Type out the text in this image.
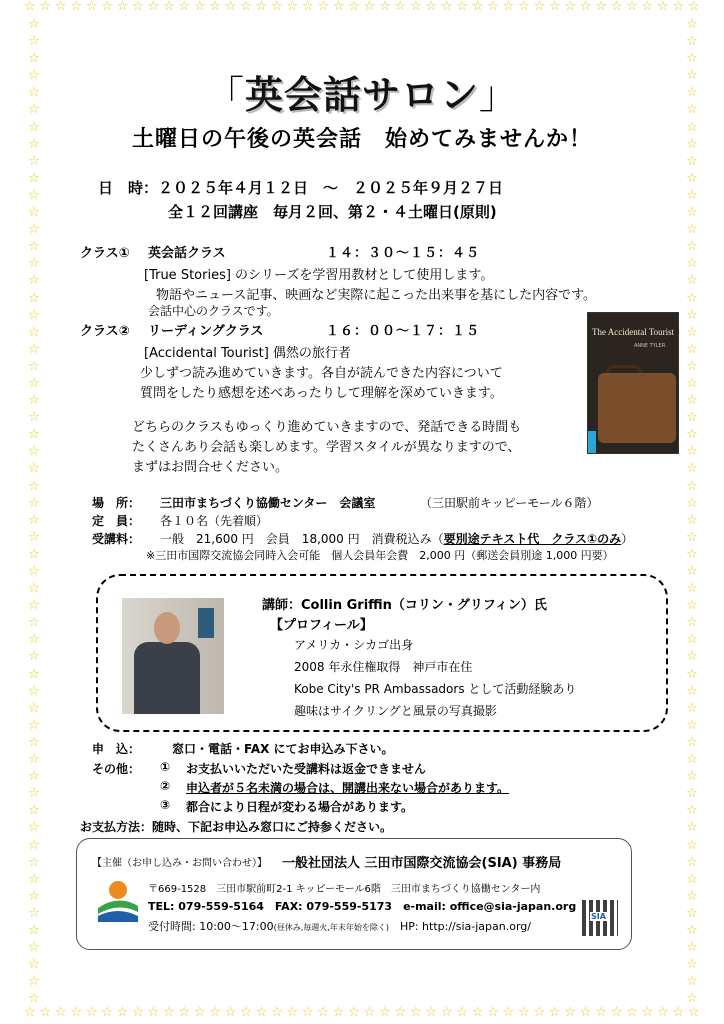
☆ ☆ ☆ ☆ ☆ ☆ ☆ ☆ ☆ ☆ ☆ ☆ ☆ ☆ ☆ ☆ ☆ ☆ ☆ ☆ ☆ ☆ ☆ ☆ ☆ ☆ ☆ ☆ ☆ ☆ ☆ ☆ ☆ ☆ ☆ ☆ ☆ ☆ ☆ ☆ ☆ ☆ ☆ ☆
☆ ☆ ☆ ☆ ☆ ☆ ☆ ☆ ☆ ☆ ☆ ☆ ☆ ☆ ☆ ☆ ☆ ☆ ☆ ☆ ☆ ☆ ☆ ☆ ☆ ☆ ☆ ☆ ☆ ☆ ☆ ☆ ☆ ☆ ☆ ☆ ☆ ☆ ☆ ☆ ☆ ☆ ☆ ☆
☆
☆
☆
☆
☆
☆
☆
☆
☆
☆
☆
☆
☆
☆
☆
☆
☆
☆
☆
☆
☆
☆
☆
☆
☆
☆
☆
☆
☆
☆
☆
☆
☆
☆
☆
☆
☆
☆
☆
☆
☆
☆
☆
☆
☆
☆
☆
☆
☆
☆
☆
☆
☆
☆
☆
☆
☆
☆
☆
☆
☆
☆
☆
☆
☆
☆
☆
☆
☆
☆
☆
☆
☆
☆
☆
☆
☆
☆
☆
☆
☆
☆
☆
☆
☆
☆
☆
☆
☆
☆
☆
☆
☆
☆
☆
☆
☆
☆
☆
☆
☆
☆
☆
☆
☆
☆
☆
☆
☆
☆
☆
☆
☆
☆
☆
☆
「英会話サロン」
土曜日の午後の英会話　始めてみませんか！
日　時：２０２５年４月１２日　～　２０２５年９月２７日
全１２回講座　毎月２回、第２・４土曜日(原則)
クラス① 英会話クラス	１４：３０～１５：４５
[True Stories] のシリーズを学習用教材として使用します。
物語やニュース記事、映画など実際に起こった出来事を基にした内容です。
会話中心のクラスです。
クラス② リーディングクラス	１６：００～１７：１５
[Accidental Tourist] 偶然の旅行者
少しずつ読み進めていきます。各自が読んできた内容について
質問をしたり感想を述べあったりして理解を深めていきます。
The Accidental Tourist
ANNE TYLER
どちらのクラスもゆっくり進めていきますので、発話できる時間も
たくさんあり会話も楽しめます。学習スタイルが異なりますので、
まずはお問合せください。
場　所： 三田市まちづくり協働センター　会議室	（三田駅前キッピーモール６階）
定　員： 各１０名（先着順）
受講料： 一般　21,600 円　会員　18,000 円　消費税込み（要別途テキスト代　クラス①のみ）
※三田市国際交流協会同時入会可能　個人会員年会費　2,000 円（郵送会員別途 1,000 円要）
講師：Collin Griffin（コリン・グリフィン）氏
【プロフィール】
アメリカ・シカゴ出身
2008 年永住権取得　神戸市在住
Kobe City's PR Ambassadors として活動経験あり
趣味はサイクリングと風景の写真撮影
申　込：	窓口・電話・FAX にてお申込み下さい。
その他： ① お支払いいただいた受講料は返金できません
② 申込者が５名未満の場合は、開講出来ない場合があります。
③ 都合により日程が変わる場合があります。
お支払方法：随時、下記お申込み窓口にご持参ください。
【主催（お申し込み・お問い合わせ）】 一般社団法人 三田市国際交流協会(SIA) 事務局
〒669-1528　三田市駅前町2-1 キッピーモール6階　三田市まちづくり協働センター内
TEL: 079-559-5164　FAX: 079-559-5173　e-mail: office@sia-japan.org
受付時間: 10:00～17:00(昼休み,毎週火,年末年始を除く)　 HP: http://sia-japan.org/
SIA
